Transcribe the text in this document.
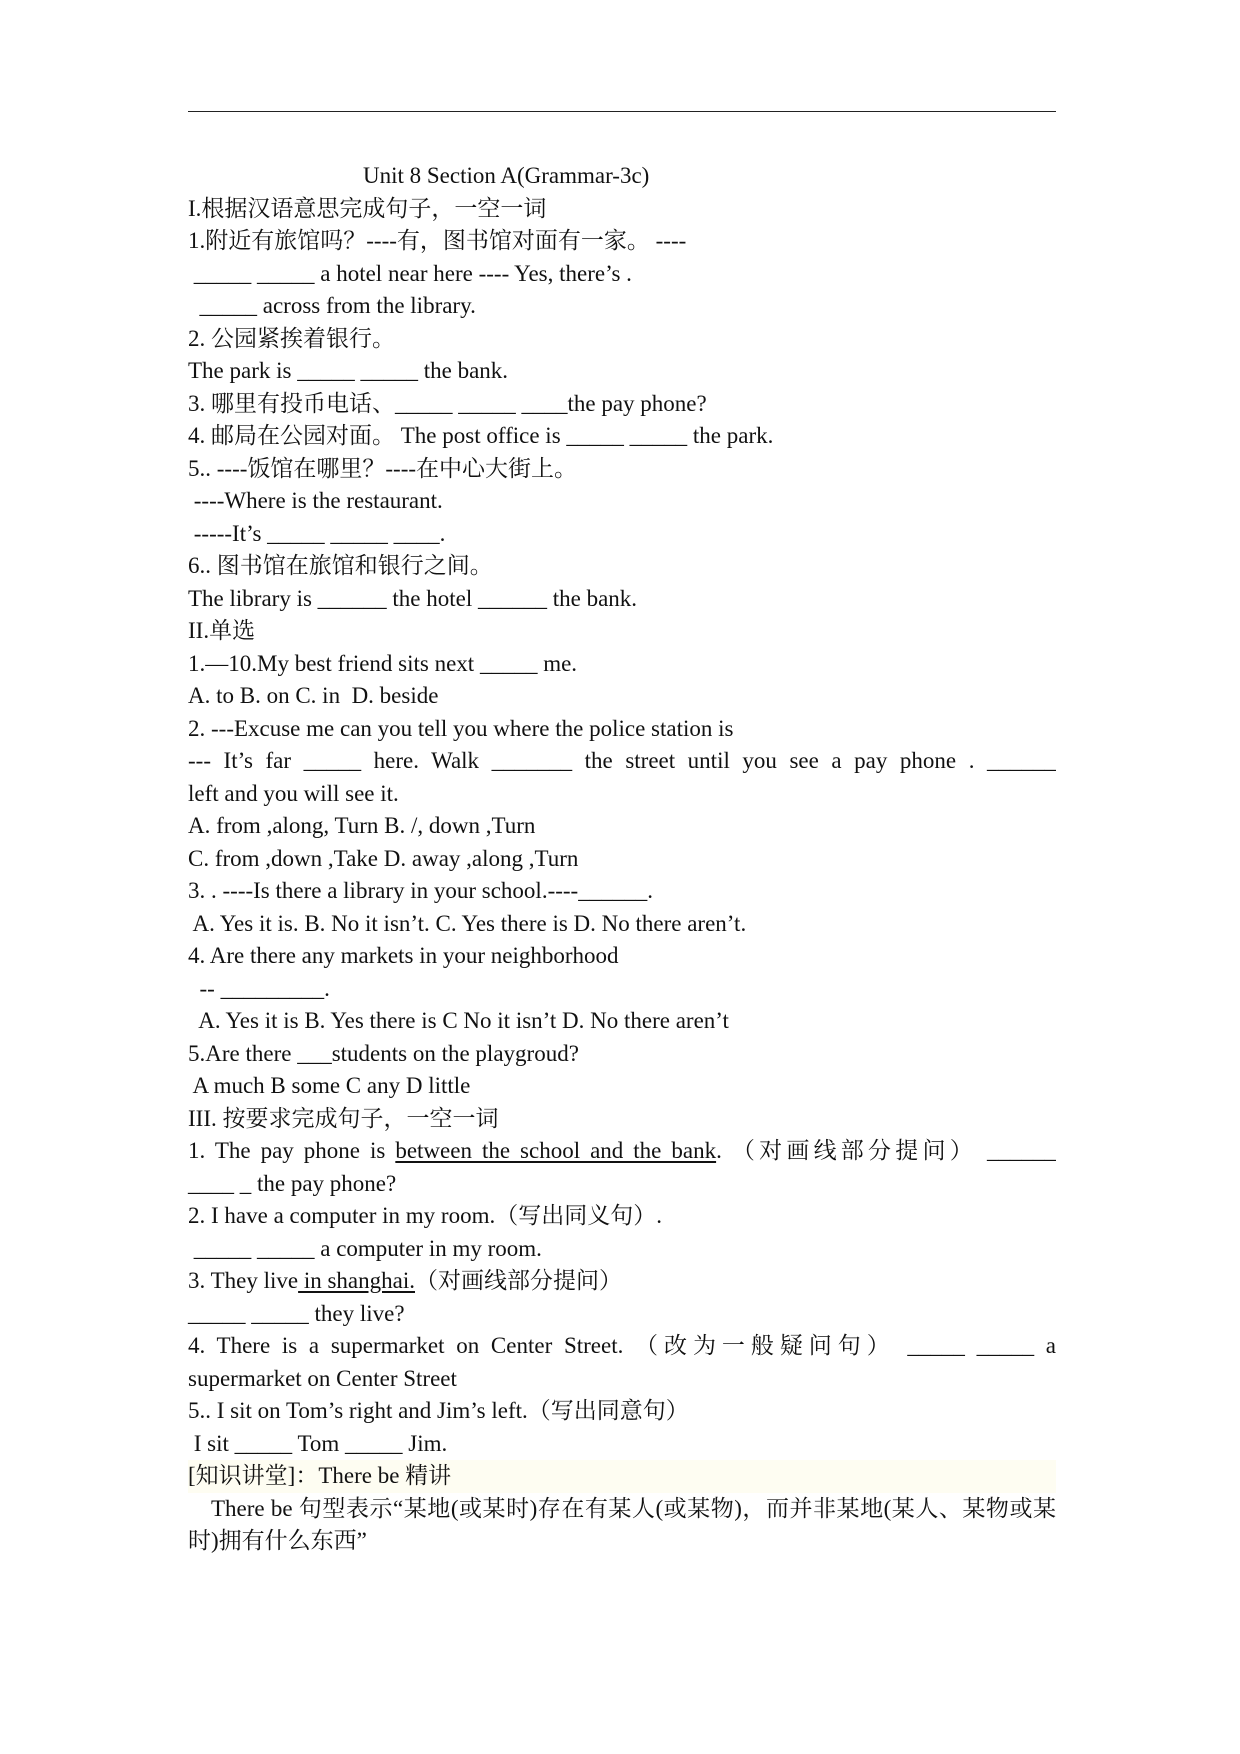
Unit 8 Section A(Grammar-3c)
I.根据汉语意思完成句子，一空一词
1.附近有旅馆吗？----有，图书馆对面有一家。 ----
_____ _____ a hotel near here ---- Yes, there’s .
_____ across from the library.
2. 公园紧挨着银行。
The park is _____ _____ the bank.
3. 哪里有投币电话、_____ _____ ____the pay phone?
4. 邮局在公园对面。 The post office is _____ _____ the park.
5.. ----饭馆在哪里？----在中心大街上。
----Where is the restaurant.
-----It’s _____ _____ ____.
6.. 图书馆在旅馆和银行之间。
The library is ______ the hotel ______ the bank.
II.单选
1.—10.My best friend sits next _____ me.
A. to B. on C. in  D. beside
2. ---Excuse me can you tell you where the police station is
--- It’s far _____ here. Walk _______ the street until you see a pay phone . ______
left and you will see it.
A. from ,along, Turn B. /, down ,Turn
C. from ,down ,Take D. away ,along ,Turn
3. . ----Is there a library in your school.----______.
A. Yes it is. B. No it isn’t. C. Yes there is D. No there aren’t.
4. Are there any markets in your neighborhood
-- _________.
A. Yes it is B. Yes there is C No it isn’t D. No there aren’t
5.Are there ___students on the playgroud?
A much B some C any D little
III. 按要求完成句子，一空一词
1. The pay phone is between the school and the bank. （对画线部分提问） ______
____ _ the pay phone?
2. I have a computer in my room.（写出同义句）.
_____ _____ a computer in my room.
3. They live in shanghai.（对画线部分提问）
_____ _____ they live?
4. There is a supermarket on Center Street. （改为一般疑问句） _____ _____ a
supermarket on Center Street
5.. I sit on Tom’s right and Jim’s left.（写出同意句）
I sit _____ Tom _____ Jim.
[知识讲堂]：There be 精讲
There be 句型表示“某地(或某时)存在有某人(或某物)，而并非某地(某人、某物或某时)拥有什么东西”
